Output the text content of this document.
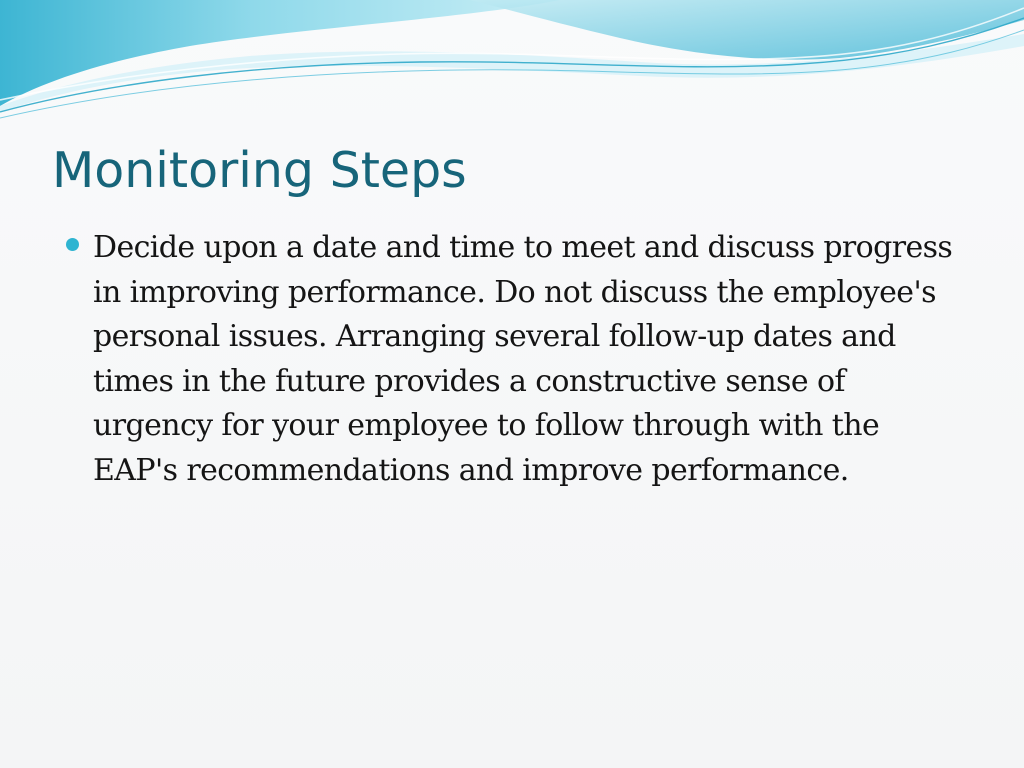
Monitoring Steps
Decide upon a date and time to meet and discuss progress in improving performance. Do not discuss the employee's personal issues. Arranging several follow-up dates and times in the future provides a constructive sense of urgency for your employee to follow through with the EAP's recommendations and improve performance.
